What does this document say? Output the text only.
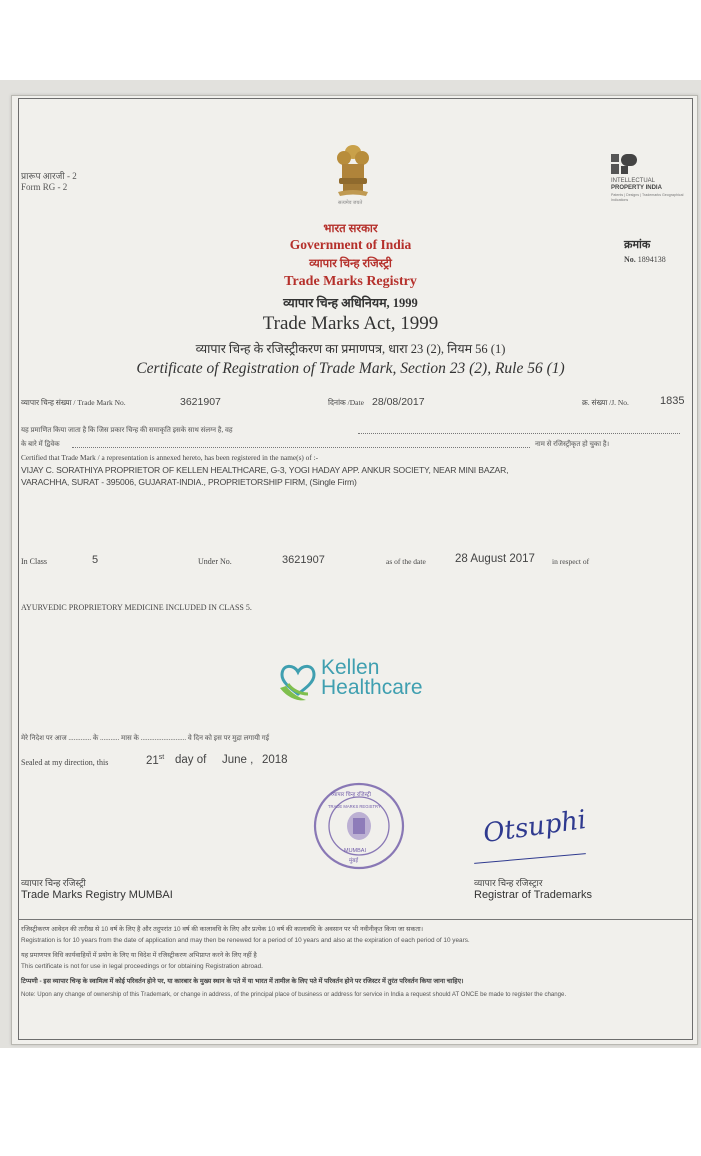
प्रारूप आरजी - 2
Form RG - 2
सत्यमेव जयते
INTELLECTUAL
PROPERTY INDIA
Patents | Designs | Trademarks Geographical Indications
क्रमांक
No. 1894138
भारत सरकार
Government of India
व्यापार चिन्ह रजिस्ट्री
Trade Marks Registry
व्यापार चिन्ह अधिनियम, 1999
Trade Marks Act, 1999
व्यापार चिन्ह के रजिस्ट्रीकरण का प्रमाणपत्र, धारा 23 (2), नियम 56 (1)
Certificate of Registration of Trade Mark, Section 23 (2), Rule 56 (1)
व्यापार चिन्ह संख्या / Trade Mark No.	3621907	दिनांक /Date 28/08/2017	क्र. संख्या /J. No.	1835
यह प्रमाणित किया जाता है कि जिस प्रकार चिन्ह की समाकृति इसके साथ संलग्न है, वह
के बारे में द्विवेक	नाम से रजिस्ट्रीकृत हो चुका है।
Certified that Trade Mark / a representation is annexed hereto, has been registered in the name(s) of :-
VIJAY C. SORATHIYA PROPRIETOR OF KELLEN HEALTHCARE, G-3, YOGI HADAY APP. ANKUR SOCIETY, NEAR MINI BAZAR,
VARACHHA, SURAT - 395006, GUJARAT-INDIA., PROPRIETORSHIP FIRM, (Single Firm)
In Class	5	Under No.	3621907	as of the date	28 August 2017 in respect of
AYURVEDIC PROPRIETORY MEDICINE INCLUDED IN CLASS 5.
Kellen
Healthcare
मेरे निदेश पर आज ............. के ........... मास के .......................... वे दिन को इस पर मुद्रा लगायी गई
Sealed at my direction, this	21st day of June , 2018
व्यापार चिन्ह रजिस्ट्री
TRADE MARKS REGISTRY
MUMBAI
मुंबई
Otsuphi
व्यापार चिन्ह रजिस्ट्री
Trade Marks Registry MUMBAI
व्यापार चिन्ह रजिस्ट्रार
Registrar of Trademarks
रजिस्ट्रीकरण आवेदन की तारीख से 10 वर्ष के लिए है और तदुपरांत 10 वर्ष की कालावधि के लिए और प्रत्येक 10 वर्ष की कालावधि के अवसान पर भी नवीनीकृत किया जा सकता।
Registration is for 10 years from the date of application and may then be renewed for a period of 10 years and also at the expiration of each period of 10 years.
यह प्रमाणपत्र विधि कार्यवाहियों में प्रयोग के लिए या विदेश में रजिस्ट्रीकरण अभिप्राप्त करने के लिए नहीं है
This certificate is not for use in legal proceedings or for obtaining Registration abroad.
टिप्पणी - इस व्यापार चिन्ह के स्वामित्व में कोई परिवर्तन होने पर, या कारबार के मुख्य स्थान के पते में या भारत में तामील के लिए पते में परिवर्तन होने पर रजिस्टर में तुरंत परिवर्तन किया जाना चाहिए।
Note: Upon any change of ownership of this Trademark, or change in address, of the principal place of business or address for service in India a request should AT ONCE be made to register the change.
